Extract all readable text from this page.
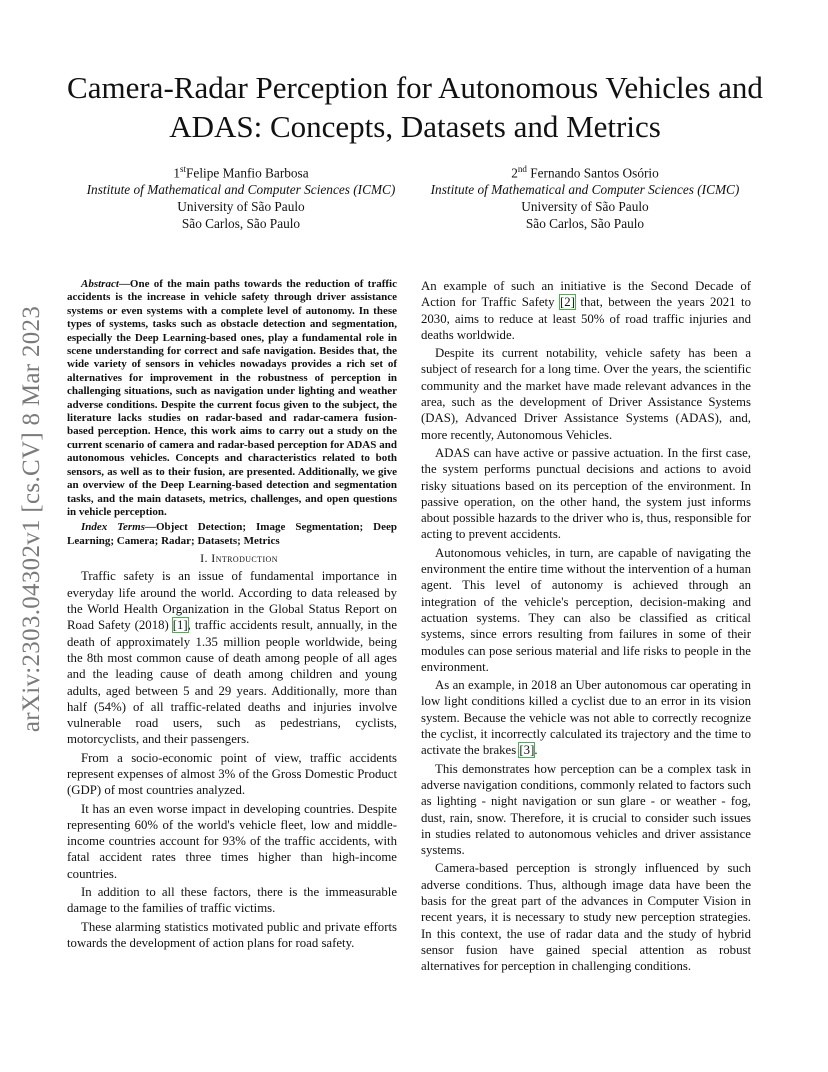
arXiv:2303.04302v1 [cs.CV] 8 Mar 2023
Camera-Radar Perception for Autonomous Vehicles and ADAS: Concepts, Datasets and Metrics
1stFelipe Manfio Barbosa
Institute of Mathematical and Computer Sciences (ICMC)
University of São Paulo
São Carlos, São Paulo
2nd Fernando Santos Osório
Institute of Mathematical and Computer Sciences (ICMC)
University of São Paulo
São Carlos, São Paulo

Abstract—One of the main paths towards the reduction of traffic accidents is the increase in vehicle safety through driver assistance systems or even systems with a complete level of autonomy. In these types of systems, tasks such as obstacle detection and segmentation, especially the Deep Learning-based ones, play a fundamental role in scene understanding for correct and safe navigation. Besides that, the wide variety of sensors in vehicles nowadays provides a rich set of alternatives for improvement in the robustness of perception in challenging situations, such as navigation under lighting and weather adverse conditions. Despite the current focus given to the subject, the literature lacks studies on radar-based and radar-camera fusion-based perception. Hence, this work aims to carry out a study on the current scenario of camera and radar-based perception for ADAS and autonomous vehicles. Concepts and characteristics related to both sensors, as well as to their fusion, are presented. Additionally, we give an overview of the Deep Learning-based detection and segmentation tasks, and the main datasets, metrics, challenges, and open questions in vehicle perception.

Index Terms—Object Detection; Image Segmentation; Deep Learning; Camera; Radar; Datasets; Metrics

I. Introduction

Traffic safety is an issue of fundamental importance in everyday life around the world. According to data released by the World Health Organization in the Global Status Report on Road Safety (2018) [1], traffic accidents result, annually, in the death of approximately 1.35 million people worldwide, being the 8th most common cause of death among people of all ages and the leading cause of death among children and young adults, aged between 5 and 29 years. Additionally, more than half (54%) of all traffic-related deaths and injuries involve vulnerable road users, such as pedestrians, cyclists, motorcyclists, and their passengers.

From a socio-economic point of view, traffic accidents represent expenses of almost 3% of the Gross Domestic Product (GDP) of most countries analyzed.

It has an even worse impact in developing countries. Despite representing 60% of the world's vehicle fleet, low and middle-income countries account for 93% of the traffic accidents, with fatal accident rates three times higher than high-income countries.

In addition to all these factors, there is the immeasurable damage to the families of traffic victims.

These alarming statistics motivated public and private efforts towards the development of action plans for road safety.

An example of such an initiative is the Second Decade of Action for Traffic Safety [2] that, between the years 2021 to 2030, aims to reduce at least 50% of road traffic injuries and deaths worldwide.

Despite its current notability, vehicle safety has been a subject of research for a long time. Over the years, the scientific community and the market have made relevant advances in the area, such as the development of Driver Assistance Systems (DAS), Advanced Driver Assistance Systems (ADAS), and, more recently, Autonomous Vehicles.

ADAS can have active or passive actuation. In the first case, the system performs punctual decisions and actions to avoid risky situations based on its perception of the environment. In passive operation, on the other hand, the system just informs about possible hazards to the driver who is, thus, responsible for acting to prevent accidents.

Autonomous vehicles, in turn, are capable of navigating the environment the entire time without the intervention of a human agent. This level of autonomy is achieved through an integration of the vehicle's perception, decision-making and actuation systems. They can also be classified as critical systems, since errors resulting from failures in some of their modules can pose serious material and life risks to people in the environment.

As an example, in 2018 an Uber autonomous car operating in low light conditions killed a cyclist due to an error in its vision system. Because the vehicle was not able to correctly recognize the cyclist, it incorrectly calculated its trajectory and the time to activate the brakes [3].

This demonstrates how perception can be a complex task in adverse navigation conditions, commonly related to factors such as lighting - night navigation or sun glare - or weather - fog, dust, rain, snow. Therefore, it is crucial to consider such issues in studies related to autonomous vehicles and driver assistance systems.

Camera-based perception is strongly influenced by such adverse conditions. Thus, although image data have been the basis for the great part of the advances in Computer Vision in recent years, it is necessary to study new perception strategies. In this context, the use of radar data and the study of hybrid sensor fusion have gained special attention as robust alternatives for perception in challenging conditions.
